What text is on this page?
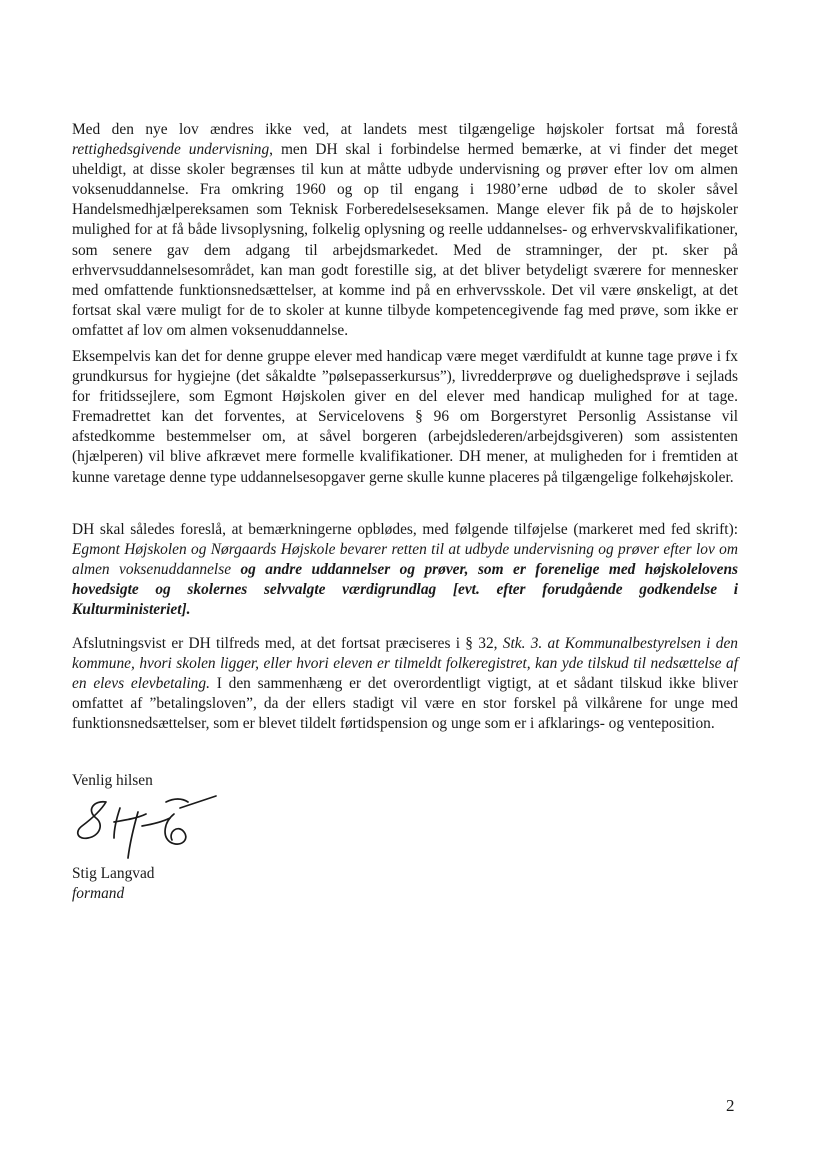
Med den nye lov ændres ikke ved, at landets mest tilgængelige højskoler fortsat må forestå rettighedsgivende undervisning, men DH skal i forbindelse hermed bemærke, at vi finder det meget uheldigt, at disse skoler begrænses til kun at måtte udbyde undervisning og prøver efter lov om almen voksenuddannelse. Fra omkring 1960 og op til engang i 1980’erne udbød de to skoler såvel Handelsmedhjælpereksamen som Teknisk Forberedelseseksamen. Mange elever fik på de to højskoler mulighed for at få både livsoplysning, folkelig oplysning og reelle uddannelses- og erhvervskvalifikationer, som senere gav dem adgang til arbejdsmarkedet. Med de stramninger, der pt. sker på erhvervsuddannelsesområdet, kan man godt forestille sig, at det bliver betydeligt sværere for mennesker med omfattende funktionsnedsættelser, at komme ind på en erhvervsskole. Det vil være ønskeligt, at det fortsat skal være muligt for de to skoler at kunne tilbyde kompetencegivende fag med prøve, som ikke er omfattet af lov om almen voksenuddannelse.

Eksempelvis kan det for denne gruppe elever med handicap være meget værdifuldt at kunne tage prøve i fx grundkursus for hygiejne (det såkaldte ”pølsepasserkursus”), livredderprøve og duelighedsprøve i sejlads for fritidssejlere, som Egmont Højskolen giver en del elever med handicap mulighed for at tage. Fremadrettet kan det forventes, at Servicelovens § 96 om Borgerstyret Personlig Assistanse vil afstedkomme bestemmelser om, at såvel borgeren (arbejdslederen/arbejdsgiveren) som assistenten (hjælperen) vil blive afkrævet mere formelle kvalifikationer. DH mener, at muligheden for i fremtiden at kunne varetage denne type uddannelsesopgaver gerne skulle kunne placeres på tilgængelige folkehøjskoler.

DH skal således foreslå, at bemærkningerne opblødes, med følgende tilføjelse (markeret med fed skrift): Egmont Højskolen og Nørgaards Højskole bevarer retten til at udbyde undervisning og prøver efter lov om almen voksenuddannelse og andre uddannelser og prøver, som er forenelige med højskolelovens hovedsigte og skolernes selvvalgte værdigrundlag [evt. efter forudgående godkendelse i Kulturministeriet].

Afslutningsvist er DH tilfreds med, at det fortsat præciseres i § 32, Stk. 3. at Kommunalbestyrelsen i den kommune, hvori skolen ligger, eller hvori eleven er tilmeldt folkeregistret, kan yde tilskud til nedsættelse af en elevs elevbetaling. I den sammenhæng er det overordentligt vigtigt, at et sådant tilskud ikke bliver omfattet af ”betalingsloven”, da der ellers stadigt vil være en stor forskel på vilkårene for unge med funktionsnedsættelser, som er blevet tildelt førtidspension og unge som er i afklarings- og venteposition.

Venlig hilsen
Stig Langvad
formand
2
